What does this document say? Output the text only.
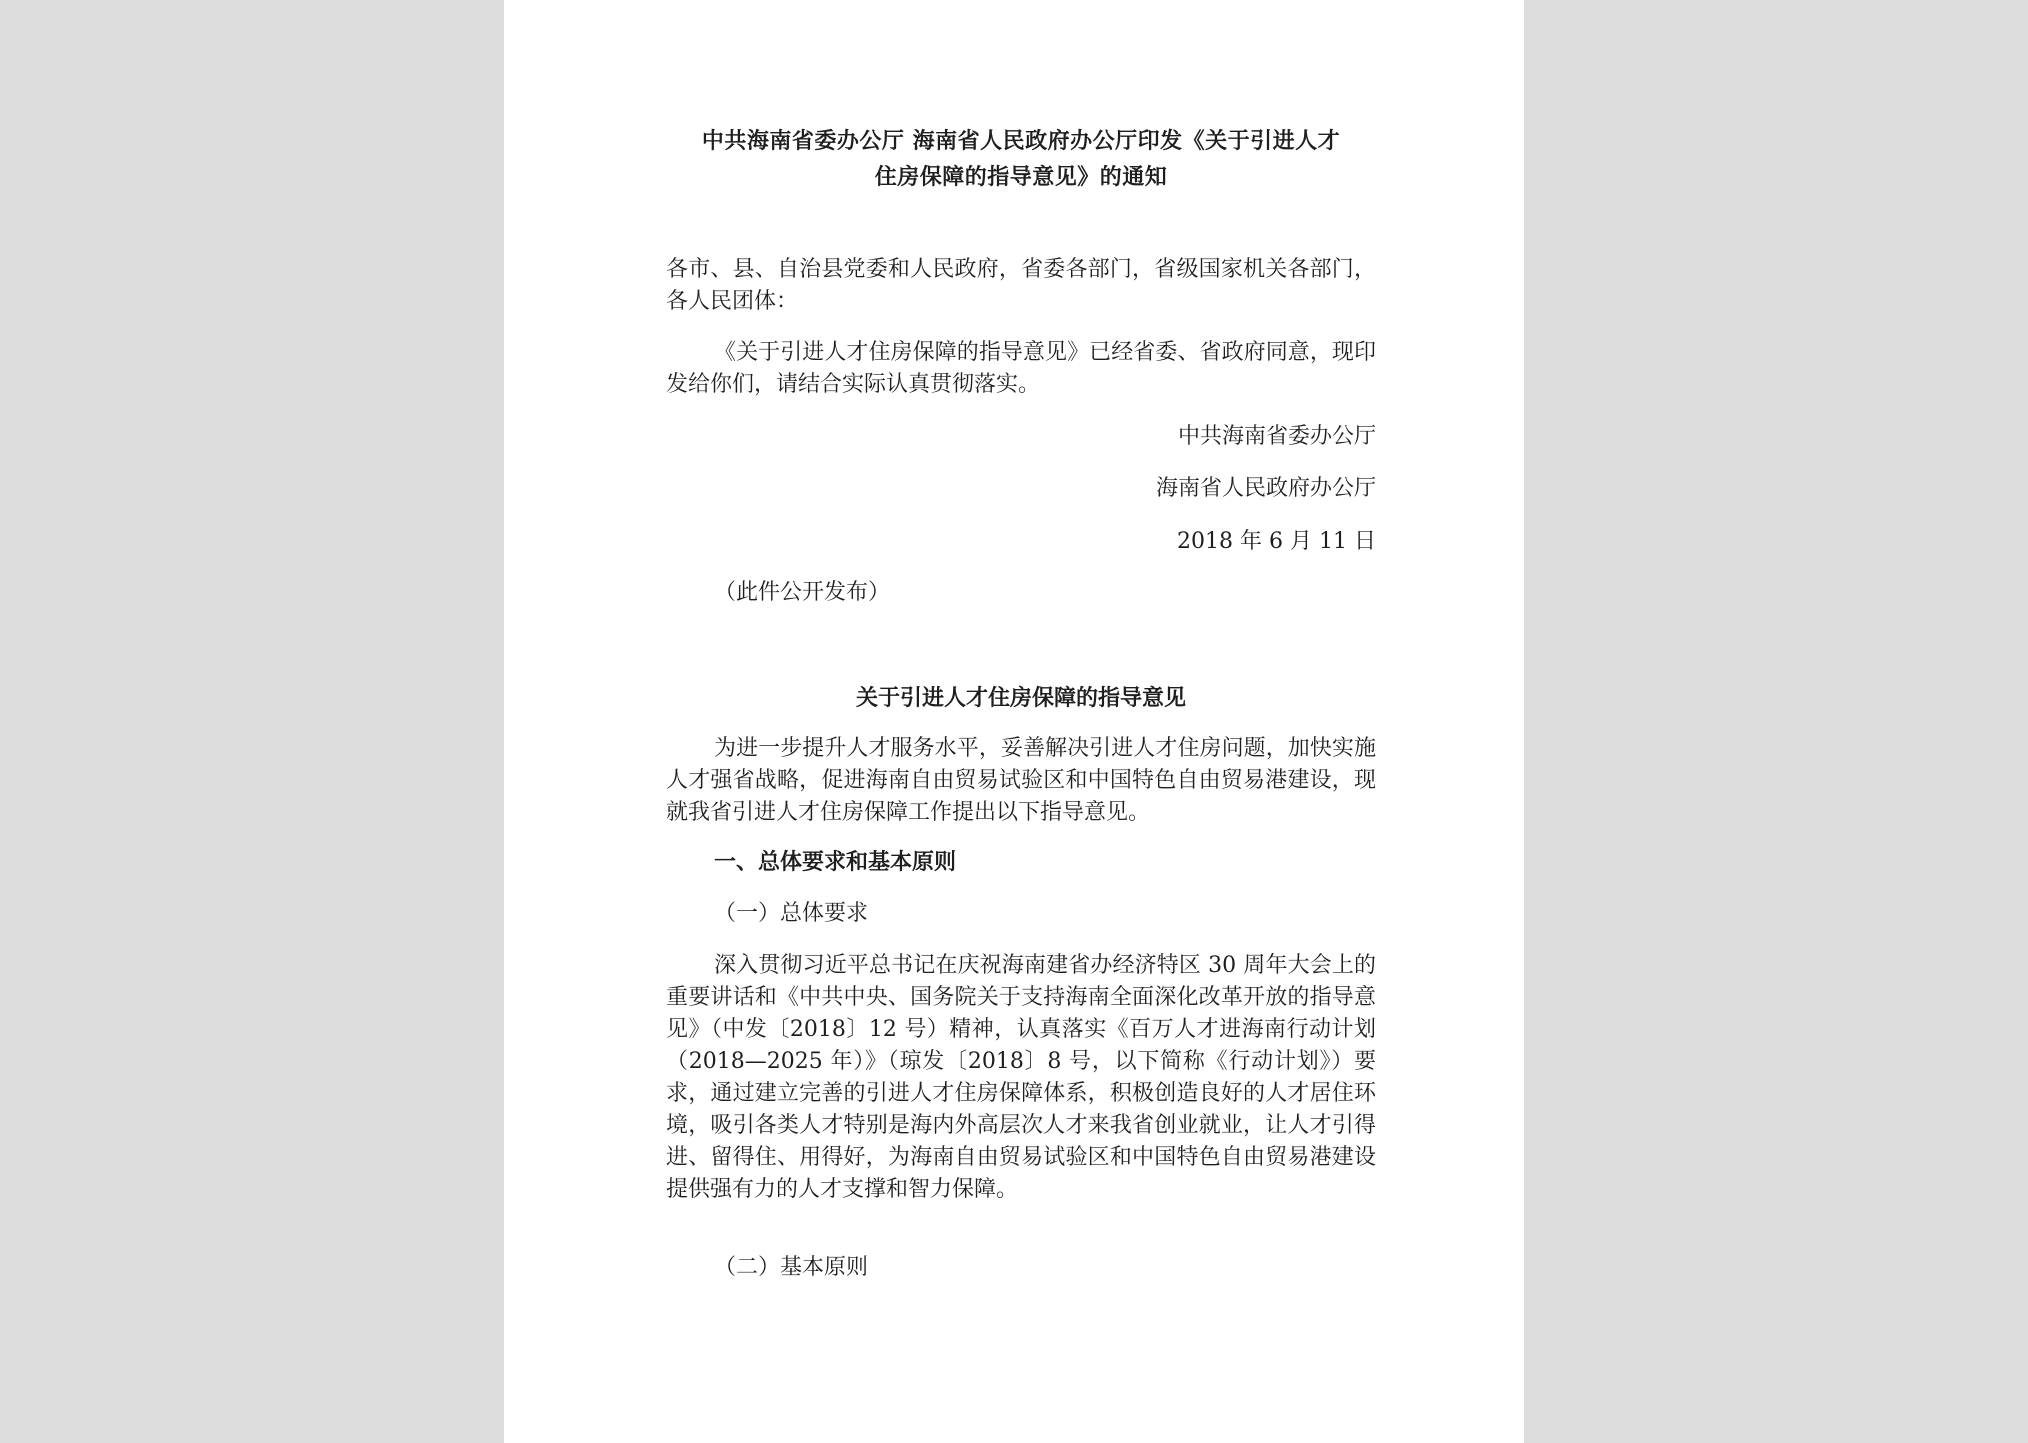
中共海南省委办公厅 海南省人民政府办公厅印发《关于引进人才
住房保障的指导意见》的通知

各市、县、自治县党委和人民政府，省委各部门，省级国家机关各部门，各人民团体：

《关于引进人才住房保障的指导意见》已经省委、省政府同意，现印发给你们，请结合实际认真贯彻落实。

中共海南省委办公厅
海南省人民政府办公厅
2018 年 6 月 11 日
（此件公开发布）
关于引进人才住房保障的指导意见

为进一步提升人才服务水平，妥善解决引进人才住房问题，加快实施人才强省战略，促进海南自由贸易试验区和中国特色自由贸易港建设，现就我省引进人才住房保障工作提出以下指导意见。

一、总体要求和基本原则
（一）总体要求

深入贯彻习近平总书记在庆祝海南建省办经济特区 30 周年大会上的重要讲话和《中共中央、国务院关于支持海南全面深化改革开放的指导意见》（中发〔2018〕12 号）精神，认真落实《百万人才进海南行动计划（2018—2025 年）》（琼发〔2018〕8 号，以下简称《行动计划》）要求，通过建立完善的引进人才住房保障体系，积极创造良好的人才居住环境，吸引各类人才特别是海内外高层次人才来我省创业就业，让人才引得进、留得住、用得好，为海南自由贸易试验区和中国特色自由贸易港建设提供强有力的人才支撑和智力保障。

（二）基本原则
